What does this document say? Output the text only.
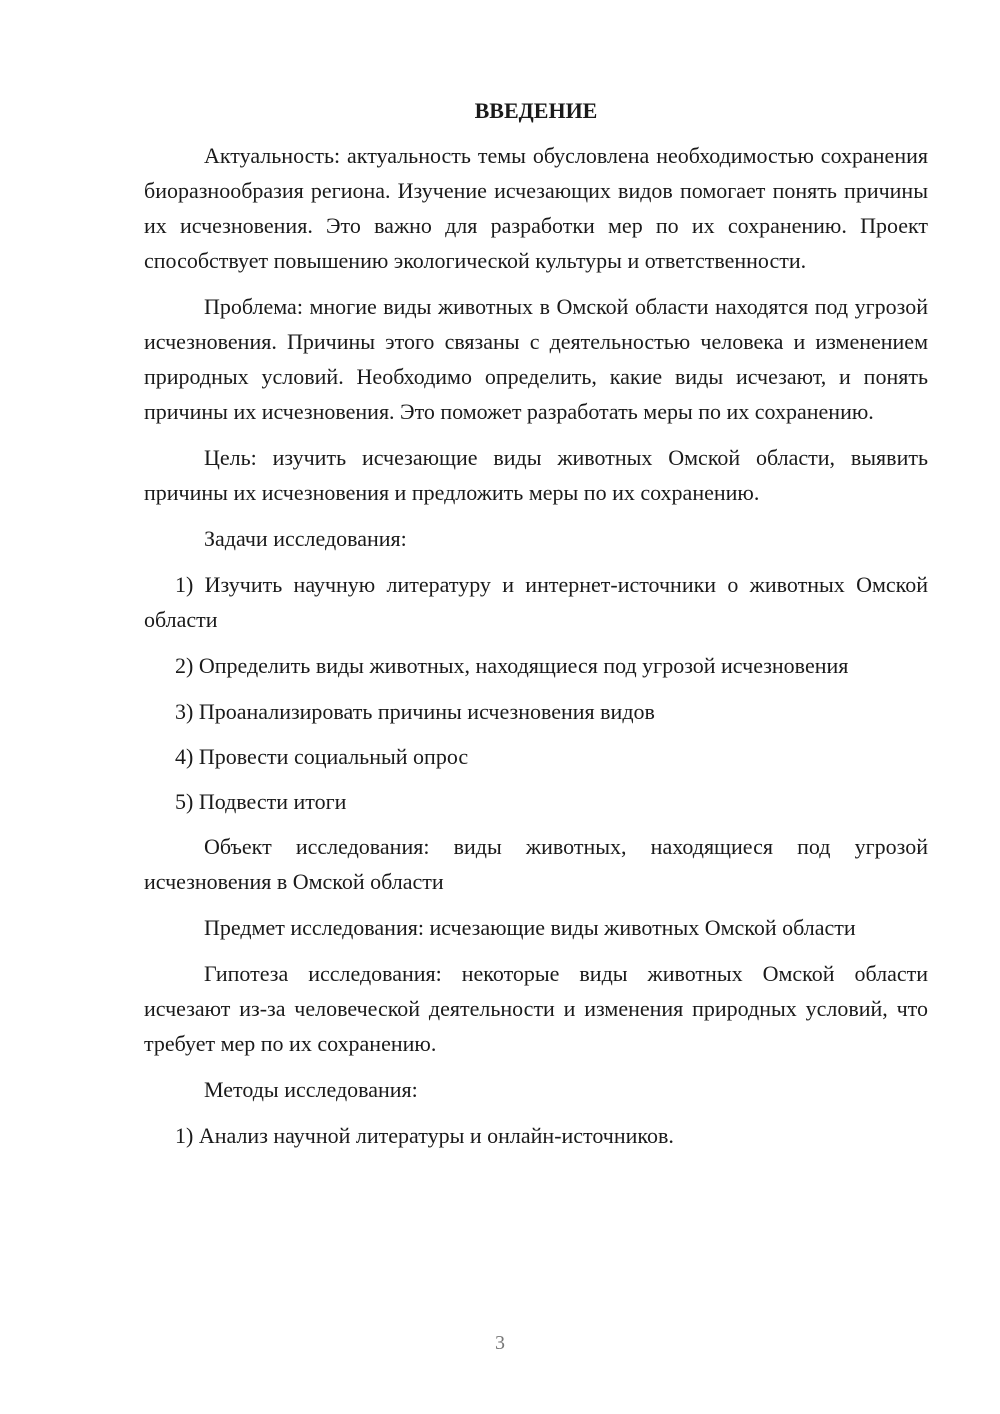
ВВЕДЕНИЕ

Актуальность: актуальность темы обусловлена необходимостью сохранения биоразнообразия региона. Изучение исчезающих видов помогает понять причины их исчезновения. Это важно для разработки мер по их сохранению. Проект способствует повышению экологической культуры и ответственности.

Проблема: многие виды животных в Омской области находятся под угрозой исчезновения. Причины этого связаны с деятельностью человека и изменением природных условий. Необходимо определить, какие виды исчезают, и понять причины их исчезновения. Это поможет разработать меры по их сохранению.

Цель: изучить исчезающие виды животных Омской области, выявить причины их исчезновения и предложить меры по их сохранению.

Задачи исследования:

1) Изучить научную литературу и интернет-источники о животных Омской области

2) Определить виды животных, находящиеся под угрозой исчезновения

3) Проанализировать причины исчезновения видов

4) Провести социальный опрос

5) Подвести итоги

Объект исследования: виды животных, находящиеся под угрозой исчезновения в Омской области

Предмет исследования: исчезающие виды животных Омской области

Гипотеза исследования: некоторые виды животных Омской области исчезают из-за человеческой деятельности и изменения природных условий, что требует мер по их сохранению.

Методы исследования:

1) Анализ научной литературы и онлайн-источников.

3
